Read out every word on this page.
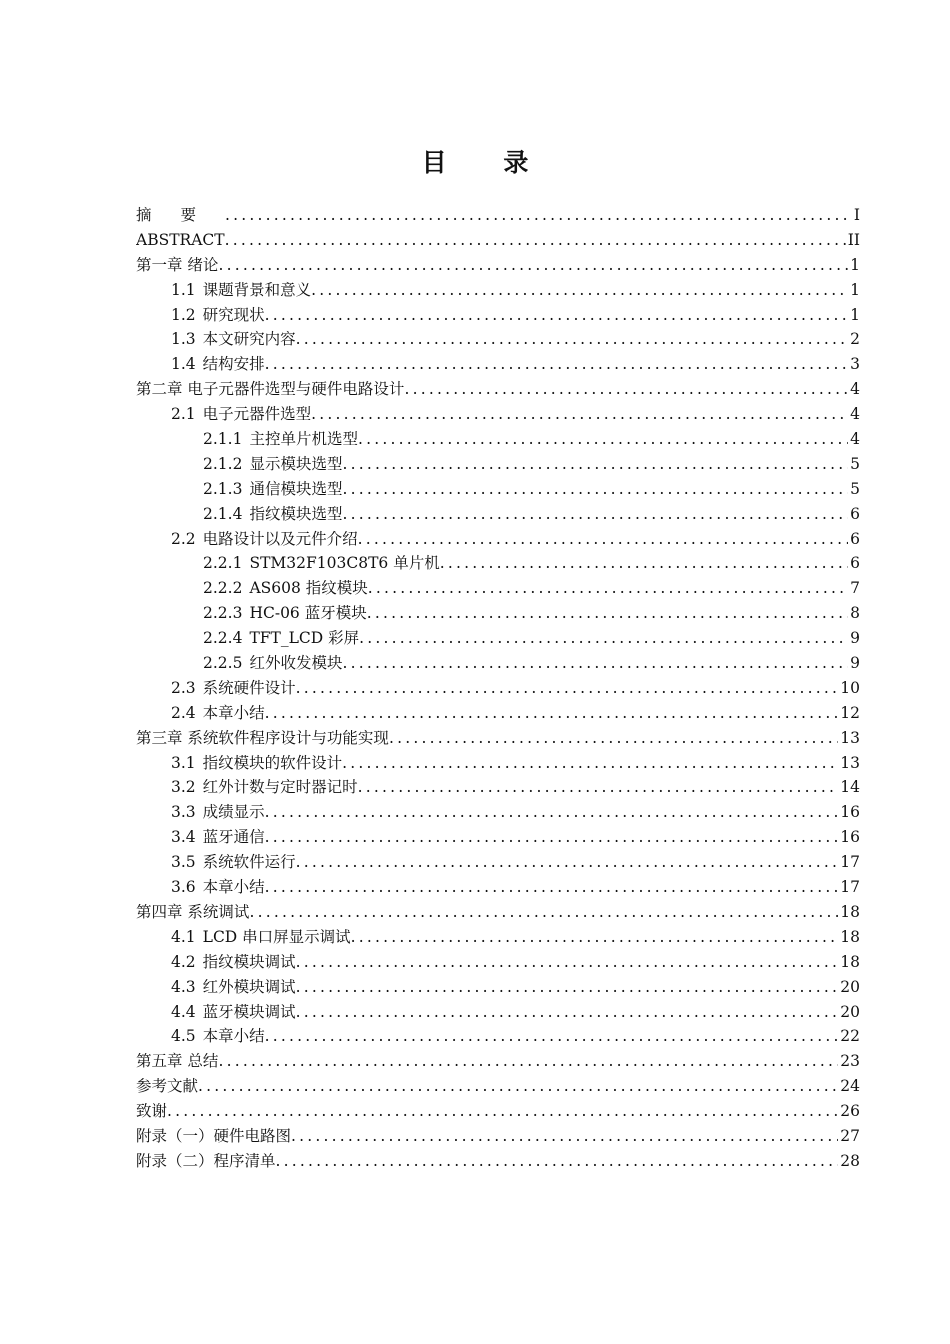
目 录
摘要 .....	I
ABSTRACT .....	II
第一章 绪论 .....	1
1.1 课题背景和意义 .....	1
1.2 研究现状 .....	1
1.3 本文研究内容 .....	2
1.4 结构安排 .....	3
第二章 电子元器件选型与硬件电路设计 .....	4
2.1 电子元器件选型 .....	4
2.1.1 主控单片机选型 .....	4
2.1.2 显示模块选型 .....	5
2.1.3 通信模块选型 .....	5
2.1.4 指纹模块选型 .....	6
2.2 电路设计以及元件介绍 .....	6
2.2.1 STM32F103C8T6 单片机 .....	6
2.2.2 AS608 指纹模块 .....	7
2.2.3 HC-06 蓝牙模块 .....	8
2.2.4 TFT_LCD 彩屏 .....	9
2.2.5 红外收发模块 .....	9
2.3 系统硬件设计 .....	10
2.4 本章小结 .....	12
第三章 系统软件程序设计与功能实现 .....	13
3.1 指纹模块的软件设计 .....	13
3.2 红外计数与定时器记时 .....	14
3.3 成绩显示 .....	16
3.4 蓝牙通信 .....	16
3.5 系统软件运行 .....	17
3.6 本章小结 .....	17
第四章 系统调试 .....	18
4.1 LCD 串口屏显示调试 .....	18
4.2 指纹模块调试 .....	18
4.3 红外模块调试 .....	20
4.4 蓝牙模块调试 .....	20
4.5 本章小结 .....	22
第五章 总结 .....	23
参考文献 .....	24
致谢 .....	26
附录（一）硬件电路图 .....	27
附录（二）程序清单 .....	28
